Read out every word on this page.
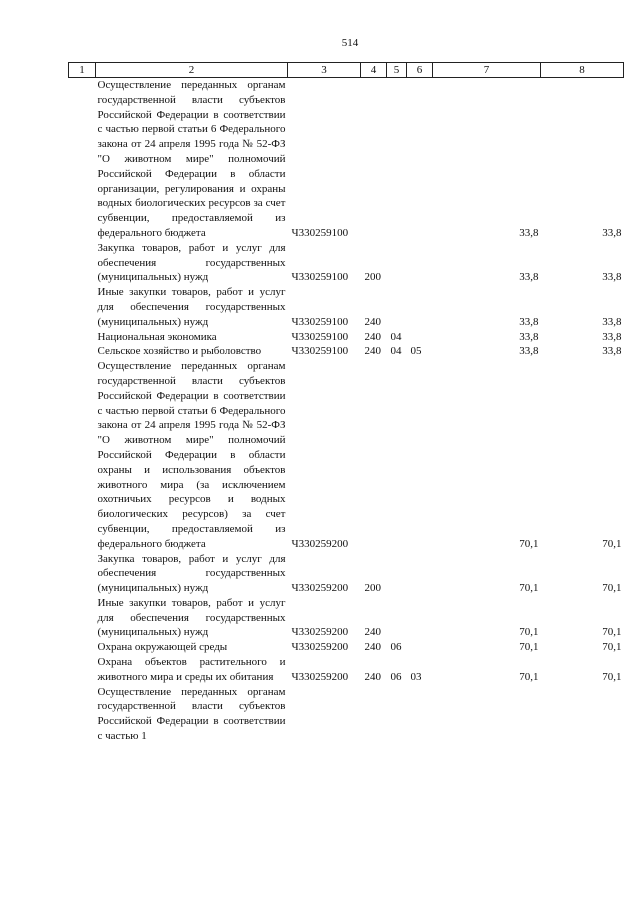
514
1	2	3	4	5	6	7	8
	Осуществление переданных органам государственной власти субъектов Российской Федерации в соответствии с частью первой статьи 6 Федерального закона от 24 апреля 1995 года № 52-ФЗ "О животном мире" полномочий Российской Федерации в области организации, регулирования и охраны водных биологических ресурсов за счет субвенции, предоставляемой из федерального бюджета	Ч330259100				33,8	33,8
	Закупка товаров, работ и услуг для обеспечения государственных (муниципальных) нужд	Ч330259100	200			33,8	33,8
	Иные закупки товаров, работ и услуг для обеспечения государственных (муниципальных) нужд	Ч330259100	240			33,8	33,8
	Национальная экономика	Ч330259100	240	04		33,8	33,8
	Сельское хозяйство и рыболовство	Ч330259100	240	04	05	33,8	33,8
	Осуществление переданных органам государственной власти субъектов Российской Федерации в соответствии с частью первой статьи 6 Федерального закона от 24 апреля 1995 года № 52-ФЗ "О животном мире" полномочий Российской Федерации в области охраны и использования объектов животного мира (за исключением охотничьих ресурсов и водных биологических ресурсов) за счет субвенции, предоставляемой из федерального бюджета	Ч330259200				70,1	70,1
	Закупка товаров, работ и услуг для обеспечения государственных (муниципальных) нужд	Ч330259200	200			70,1	70,1
	Иные закупки товаров, работ и услуг для обеспечения государственных (муниципальных) нужд	Ч330259200	240			70,1	70,1
	Охрана окружающей среды	Ч330259200	240	06		70,1	70,1
	Охрана объектов растительного и животного мира и среды их обитания	Ч330259200	240	06	03	70,1	70,1
	Осуществление переданных органам государственной власти субъектов Российской Федерации в соответствии с частью 1						
